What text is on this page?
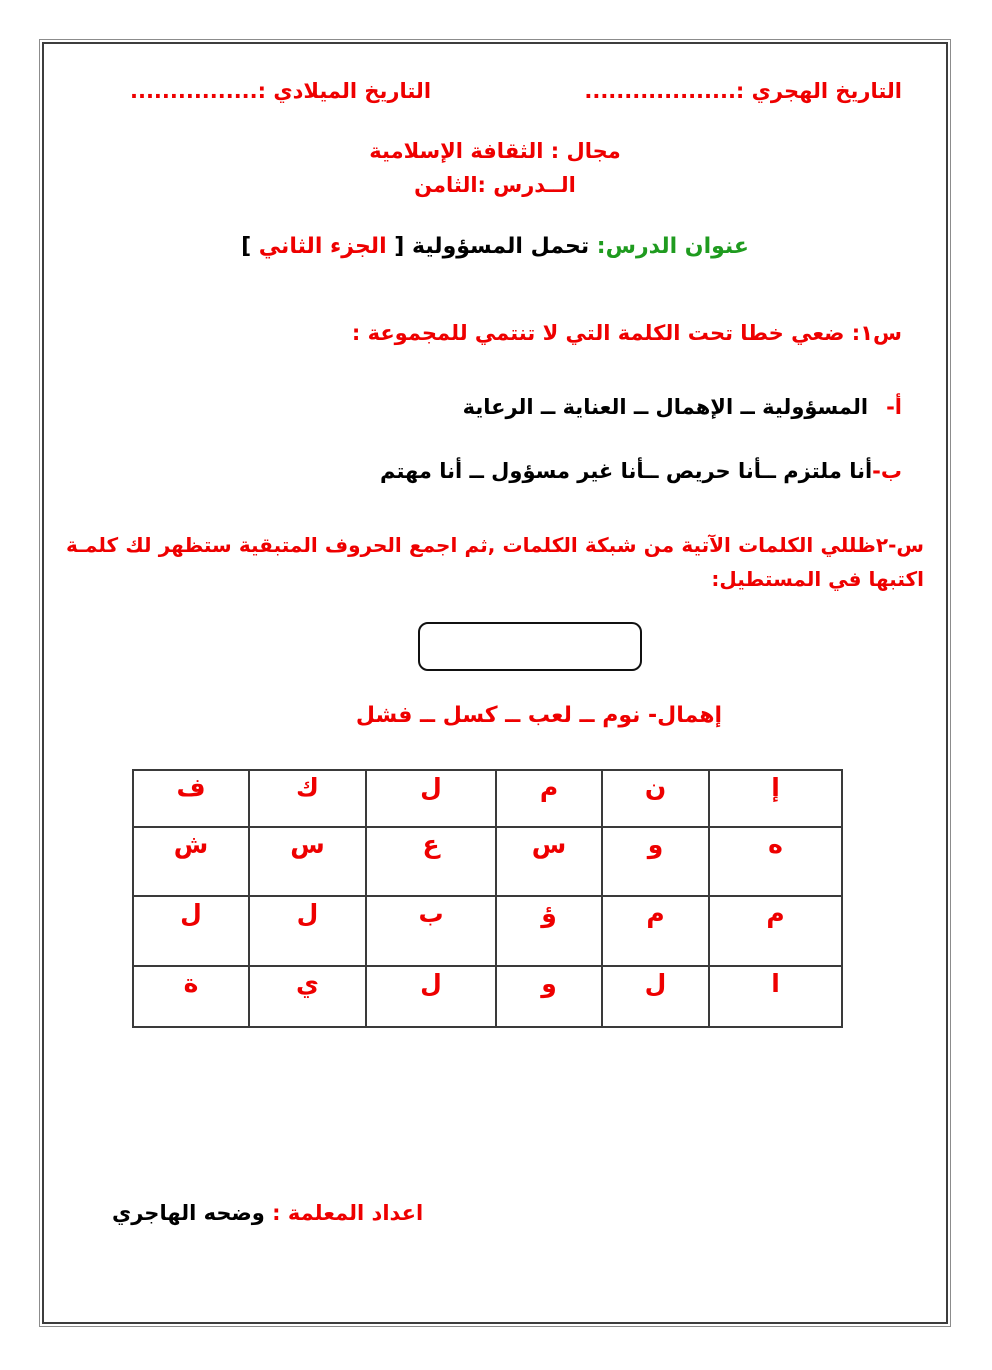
التاريخ الهجري :...................
التاريخ الميلادي :................
مجال : الثقافة الإسلامية
الــدرس :الثامن
عنوان الدرس: تحمل المسؤولية [ الجزء الثاني ]
س١: ضعي خطا تحت الكلمة التي لا تنتمي للمجموعة :
أ-المسؤولية ــ الإهمال ــ العناية ــ الرعاية
ب-أنا ملتزم ــأنا حريص ــأنا غير مسؤول ــ أنا مهتم
س-٢ظللي الكلمات الآتية من شبكة الكلمات ,ثم اجمع الحروف المتبقية ستظهر لك كلمـة
اكتبها في المستطيل:
إهمال- نوم ــ لعب ــ كسل ــ فشل
إ	ن	م	ل	ك	ف
ه	و	س	ع	س	ش
م	م	ؤ	ب	ل	ل
ا	ل	و	ل	ي	ة
اعداد المعلمة : وضحه الهاجري
